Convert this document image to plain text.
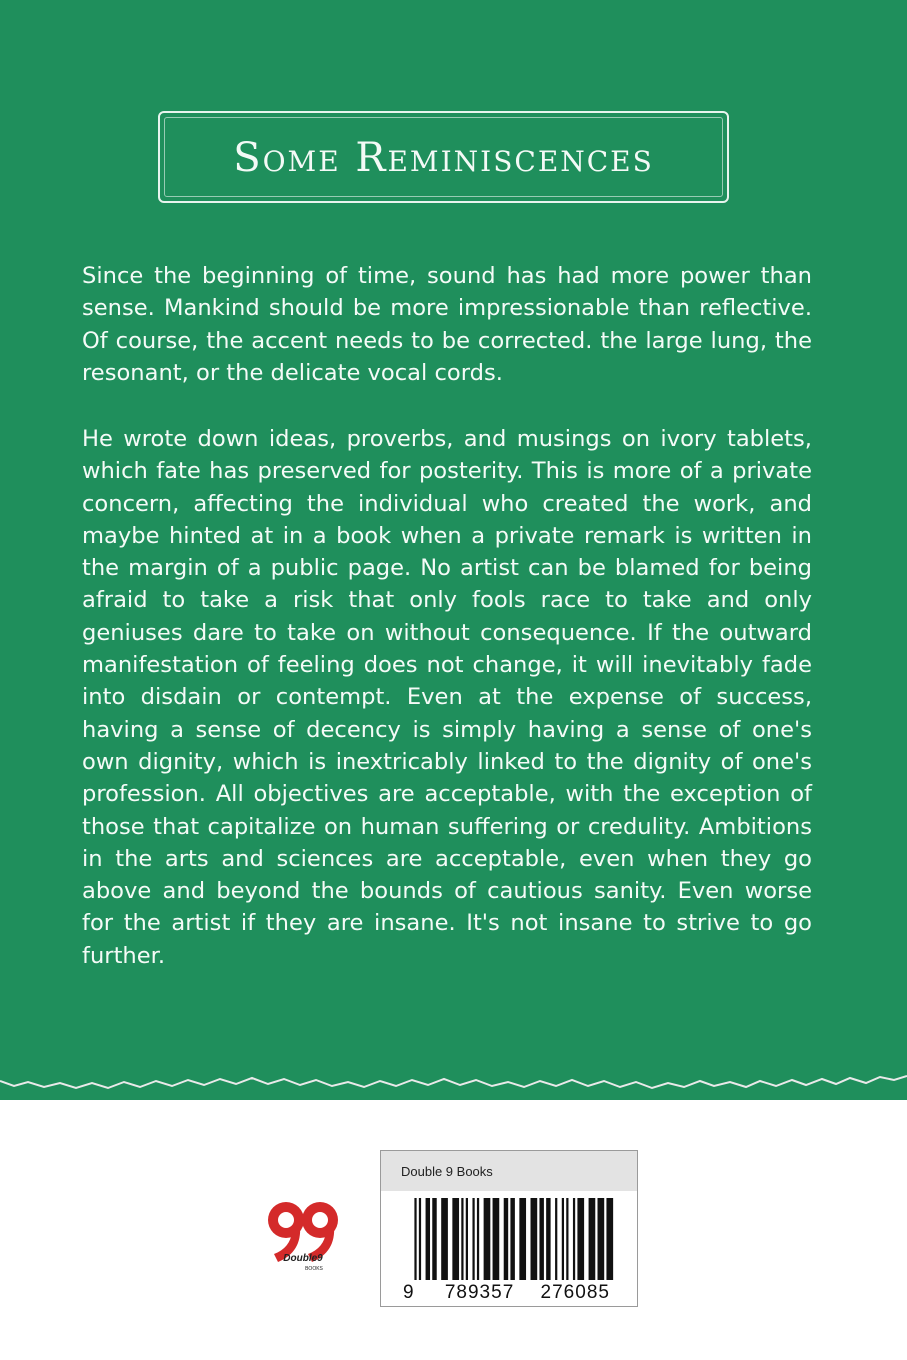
Some Reminiscences
Since the beginning of time, sound has had more power than sense. Mankind should be more impressionable than reflective. Of course, the accent needs to be corrected. the large lung, the resonant, or the delicate vocal cords.
He wrote down ideas, proverbs, and musings on ivory tablets, which fate has preserved for posterity. This is more of a private concern, affecting the individual who created the work, and maybe hinted at in a book when a private remark is written in the margin of a public page. No artist can be blamed for being afraid to take a risk that only fools race to take and only geniuses dare to take on without consequence. If the outward manifestation of feeling does not change, it will inevitably fade into disdain or contempt. Even at the expense of success, having a sense of decency is simply having a sense of one's own dignity, which is inextricably linked to the dignity of one's profession. All objectives are acceptable, with the exception of those that capitalize on human suffering or credulity. Ambitions in the arts and sciences are acceptable, even when they go above and beyond the bounds of cautious sanity. Even worse for the artist if they are insane. It's not insane to strive to go further.
Double9
BOOKS
Double 9 Books
9 789357 276085
